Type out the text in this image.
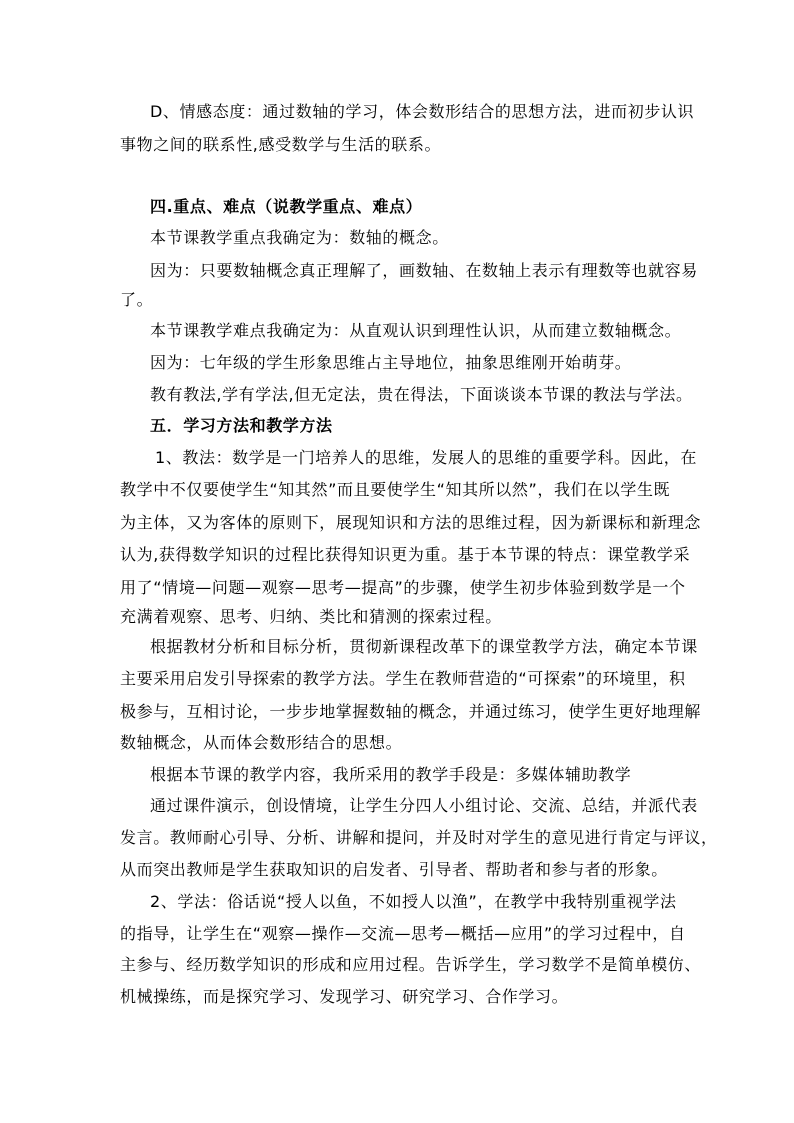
D、情感态度：通过数轴的学习，体会数形结合的思想方法，进而初步认识
事物之间的联系性,感受数学与生活的联系。
四.重点、难点（说教学重点、难点）
本节课教学重点我确定为：数轴的概念。
因为：只要数轴概念真正理解了，画数轴、在数轴上表示有理数等也就容易
了。
本节课教学难点我确定为：从直观认识到理性认识，从而建立数轴概念。
因为：七年级的学生形象思维占主导地位，抽象思维刚开始萌芽。
教有教法,学有学法,但无定法，贵在得法，下面谈谈本节课的教法与学法。
五．学习方法和教学方法
1、教法：数学是一门培养人的思维，发展人的思维的重要学科。因此，在
教学中不仅要使学生“知其然”而且要使学生“知其所以然”，我们在以学生既
为主体，又为客体的原则下，展现知识和方法的思维过程，因为新课标和新理念
认为,获得数学知识的过程比获得知识更为重。基于本节课的特点：课堂教学采
用了“情境—问题—观察—思考—提高”的步骤，使学生初步体验到数学是一个
充满着观察、思考、归纳、类比和猜测的探索过程。
根据教材分析和目标分析，贯彻新课程改革下的课堂教学方法，确定本节课
主要采用启发引导探索的教学方法。学生在教师营造的“可探索”的环境里，积
极参与，互相讨论，一步步地掌握数轴的概念，并通过练习，使学生更好地理解
数轴概念，从而体会数形结合的思想。
根据本节课的教学内容，我所采用的教学手段是：多媒体辅助教学
通过课件演示，创设情境，让学生分四人小组讨论、交流、总结，并派代表
发言。教师耐心引导、分析、讲解和提问，并及时对学生的意见进行肯定与评议，
从而突出教师是学生获取知识的启发者、引导者、帮助者和参与者的形象。
2、学法：俗话说“授人以鱼，不如授人以渔”，在教学中我特别重视学法
的指导，让学生在“观察—操作—交流—思考—概括—应用”的学习过程中，自
主参与、经历数学知识的形成和应用过程。告诉学生，学习数学不是简单模仿、
机械操练，而是探究学习、发现学习、研究学习、合作学习。
